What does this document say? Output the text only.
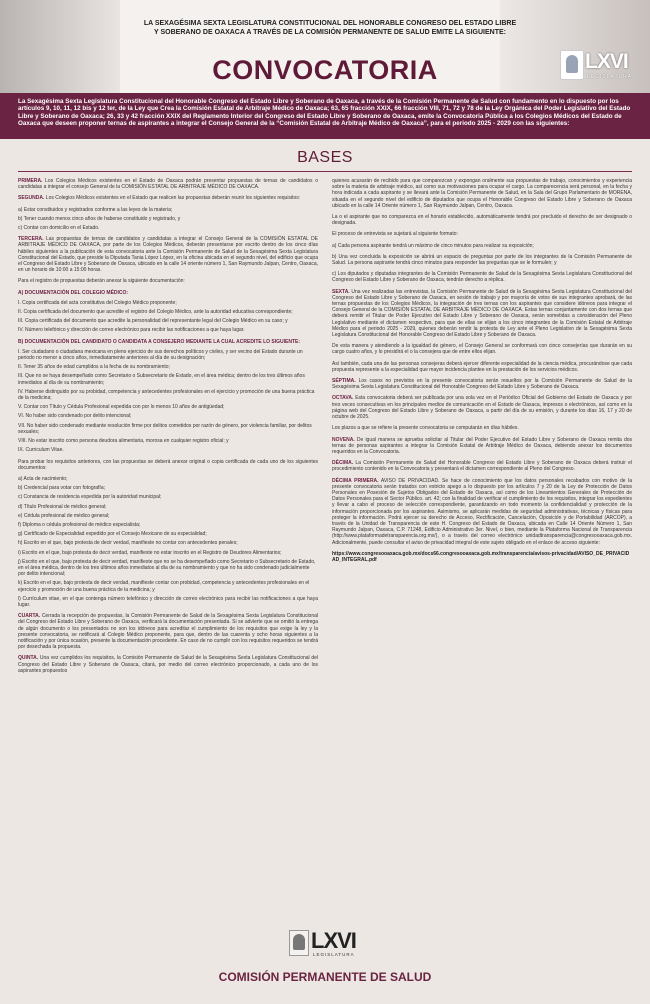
LA SEXAGÉSIMA SEXTA LEGISLATURA CONSTITUCIONAL DEL HONORABLE CONGRESO DEL ESTADO LIBRE
Y SOBERANO DE OAXACA A TRAVÉS DE LA COMISIÓN PERMANENTE DE SALUD EMITE LA SIGUIENTE:
CONVOCATORIA	LXVI
LEGISLATURA
La Sexagésima Sexta Legislatura Constitucional del Honorable Congreso del Estado Libre y Soberano de Oaxaca, a través de la Comisión Permanente de Salud con fundamento en lo dispuesto por los artículos 9, 10, 11, 12 bis y 12 ter, de la Ley que Crea la Comisión Estatal de Arbitraje Médico de Oaxaca; 63, 65 fracción XXIX, 66 fracción VIII, 71, 72 y 78 de la Ley Orgánica del Poder Legislativo del Estado Libre y Soberano de Oaxaca; 26, 33 y 42 fracción XXIX del Reglamento Interior del Congreso del Estado Libre y Soberano de Oaxaca, emite la Convocatoria Pública a los Colegios Médicos del Estado de Oaxaca que deseen proponer ternas de aspirantes a integrar el Consejo General de la “Comisión Estatal de Arbitraje Médico de Oaxaca”, para el periodo 2025 - 2029 con las siguientes:
BASES

PRIMERA. Los Colegios Médicos existentes en el Estado de Oaxaca podrán presentar propuestas de ternas de candidatos o candidatas a integrar el consejo General de la COMISIÓN ESTATAL DE ARBITRAJE MÉDICO DE OAXACA.

SEGUNDA. Los Colegios Médicos existentes en el Estado que realicen las propuestas deberán reunir los siguientes requisitos:

a) Estar constituidos y registrados conforme a las leyes de la materia;
b) Tener cuando menos cinco años de haberse constituido y registrado, y

c) Contar con domicilio en el Estado.

TERCERA. Las propuestas de ternas de candidatos y candidatas a integrar el Consejo General de la COMISIÓN ESTATAL DE ARBITRAJE MÉDICO DE OAXACA, por parte de los Colegios Médicos, deberán presentarse por escrito dentro de los cinco días hábiles siguientes a la publicación de esta convocatoria ante la Comisión Permanente de Salud de la Sexagésima Sexta Legislatura Constitucional del Estado, que preside la Diputada Tania López López, en la oficina ubicada en el segundo nivel, del edificio que ocupa el Congreso del Estado Libre y Soberano de Oaxaca, ubicado en la calle 14 oriente número 1, San Raymundo Jalpan, Centro, Oaxaca, en un horario de 10:00 a 15:00 horas.

Para el registro de propuestas deberán anexar la siguiente documentación:

A) DOCUMENTACIÓN DEL COLEGIO MÉDICO:
I. Copia certificada del acta constitutiva del Colegio Médico proponente;
II. Copia certificada del documento que acredite el registro del Colegio Médico, ante la autoridad educativa correspondiente;
III. Copia certificada del documento que acredite la personalidad del representante legal del Colegio Médico en su caso; y

IV. Número telefónico y dirección de correo electrónico para recibir las notificaciones a que haya lugar.

B) DOCUMENTACIÓN DEL CANDIDATO O CANDIDATA A CONSEJERO MEDIANTE LA CUAL ACREDITE LO SIGUIENTE:
I. Ser ciudadano o ciudadana mexicana en pleno ejercicio de sus derechos políticos y civiles, y ser vecino del Estado durante un periodo no menor a cinco años, inmediatamente anteriores al día de su designación;
II. Tener 35 años de edad cumplidos a la fecha de su nombramiento;
III. Que no se haya desempeñado como Secretario o Subsecretario de Estado, en el área médica; dentro de los tres últimos años inmediatos al día de su nombramiento;
IV. Haberse distinguido por su probidad, competencia y antecedentes profesionales en el ejercicio y promoción de una buena práctica de la medicina;
V. Contar con Título y Cédula Profesional expedida con por lo menos 10 años de antigüedad;
VI. No haber sido condenado por delito intencional;
VII. No haber sido condenado mediante resolución firme por delitos cometidos por razón de género, por violencia familiar, por delitos sexuales;
VIII. No estar inscrito como persona deudora alimentaria, morosa en cualquier registro oficial; y

IX. Curriculum Vitae.

Para probar los requisitos anteriores, con las propuestas se deberá anexar original o copia certificada de cada uno de los siguientes documentos:

a) Acta de nacimiento;
b) Credencial para votar con fotografía;
c) Constancia de residencia expedida por la autoridad municipal;
d) Título Profesional de médico general;
e) Cédula profesional de médico general;
f) Diploma o cédula profesional de médico especialista;
g) Certificado de Especialidad expedido por el Consejo Mexicano de su especialidad;
h) Escrito en el que, bajo protesta de decir verdad, manifieste no contar con antecedentes penales;
i) Escrito en el que, bajo protesta de decir verdad, manifieste no estar inscrito en el Registro de Deudores Alimentarios;
j) Escrito en el que, bajo protesta de decir verdad, manifieste que no se ha desempeñado como Secretario o Subsecretario de Estado, en el área médica, dentro de los tres últimos años inmediatos al día de su nombramiento y que no ha sido condenado judicialmente por delito intencional;
k) Escrito en el que, bajo protesta de decir verdad, manifieste contar con probidad, competencia y antecedentes profesionales en el ejercicio y promoción de una buena práctica de la medicina; y

l) Currículum vitae, en el que contenga número telefónico y dirección de correo electrónico para recibir las notificaciones a que haya lugar.

CUARTA. Cerrada la recepción de propuestas, la Comisión Permanente de Salud de la Sexagésima Sexta Legislatura Constitucional del Congreso del Estado Libre y Soberano de Oaxaca, verificará la documentación presentada. Si se advierte que se omitió la entrega de algún documento o los presentados no son los idóneos para acreditar el cumplimiento de los requisitos que exige la ley y la presente convocatoria, se notificará al Colegio Médico proponente, para que, dentro de las cuarenta y ocho horas siguientes a la notificación y por única ocasión, presente la documentación procedente. En caso de no cumplir con los requisitos requeridos se tendrá por desechada la propuesta.

QUINTA. Una vez cumplidos los requisitos, la Comisión Permanente de Salud de la Sexagésima Sexta Legislatura Constitucional del Congreso del Estado Libre y Soberano de Oaxaca, citará, por medio del correo electrónico proporcionado, a cada uno de los aspirantes propuestos

quienes acusarán de recibido para que comparezcan y expongan oralmente sus propuestas de trabajo, conocimientos y experiencia sobre la materia de arbitraje médico, así como sus motivaciones para ocupar el cargo. La comparecencia será personal, en la fecha y hora indicada a cada aspirante y se llevará ante la Comisión Permanente de Salud, en la Sala del Grupo Parlamentario de MORENA, situada en el segundo nivel del edificio de diputados que ocupa el Honorable Congreso del Estado Libre y Soberano de Oaxaca ubicado en la calle 14 Oriente número 1, San Raymundo Jalpan, Centro, Oaxaca.

La o el aspirante que no comparezca en el horario establecido, automáticamente tendrá por precluido el derecho de ser designado o designada.

El proceso de entrevista se sujetará al siguiente formato:

a) Cada persona aspirante tendrá un máximo de cinco minutos para realizar su exposición;

b) Una vez concluida la exposición se abrirá un espacio de preguntas por parte de los integrantes de la Comisión Permanente de Salud. La persona aspirante tendrá cinco minutos para responder las preguntas que se le formulen; y

c) Los diputados y diputadas integrantes de la Comisión Permanente de Salud de la Sexagésima Sexta Legislatura Constitucional del Congreso del Estado Libre y Soberano de Oaxaca, tendrán derecho a réplica.

SEXTA. Una vez realizadas las entrevistas, la Comisión Permanente de Salud de la Sexagésima Sexta Legislatura Constitucional del Congreso del Estado Libre y Soberano de Oaxaca, en sesión de trabajo y por mayoría de votos de sus integrantes aprobará, de las ternas propuestas de los Colegios Médicos, la integración de tres ternas con los aspirantes que considere idóneos para integrar el Consejo General de la COMISIÓN ESTATAL DE ARBITRAJE MÉDICO DE OAXACA. Estas ternas conjuntamente con dos ternas que deberá remitir el Titular de Poder Ejecutivo del Estado Libre y Soberano de Oaxaca, serán sometidas a consideración del Pleno Legislativo mediante el dictamen respectivo, para que de ellas se elijan a los cinco integrantes de la Comisión Estatal de Arbitraje Médico para el periodo 2025 - 2029, quienes deberán rendir la protesta de Ley ante el Pleno Legislativo de la Sexagésima Sexta Legislatura Constitucional del Honorable Congreso del Estado Libre y Soberano de Oaxaca.

De esta manera y atendiendo a la igualdad de género, el Consejo General se conformará con cinco consejerías que durarán en su cargo cuatro años, y lo presidirá el o la consejera que de entre ellos elijan.

Así también, cada una de las personas consejeras deberá ejercer diferente especialidad de la ciencia médica, procurándose que cada propuesta represente a la especialidad que mayor incidencia plantee en la prestación de los servicios médicos.

SÉPTIMA. Los casos no previstos en la presente convocatoria serán resueltos por la Comisión Permanente de Salud de la Sexagésima Sexta Legislatura Constitucional del Honorable Congreso del Estado Libre y Soberano de Oaxaca.

OCTAVA. Esta convocatoria deberá ser publicada por una sola vez en el Periódico Oficial del Gobierno del Estado de Oaxaca y por tres veces consecutivas en los principales medios de comunicación en el Estado de Oaxaca, impresos o electrónicos, así como en la página web del Congreso del Estado Libre y Soberano de Oaxaca, a partir del día de su emisión, y durante los días 16, 17 y 20 de octubre de 2025.

Los plazos a que se refiere la presente convocatoria se computarán en días hábiles.

NOVENA. De igual manera se aprueba solicitar al Titular del Poder Ejecutivo del Estado Libre y Soberano de Oaxaca remita dos ternas de personas aspirantes a integrar la Comisión Estatal de Arbitraje Médico de Oaxaca, debiendo anexar los documentos requeridos en la Convocatoria.

DÉCIMA. La Comisión Permanente de Salud del Honorable Congreso del Estado Libre y Soberano de Oaxaca deberá instruir el procedimiento contenido en la Convocatoria y presentará el dictamen correspondiente al Pleno del Congreso.

DÉCIMA PRIMERA. AVISO DE PRIVACIDAD. Se hace de conocimiento que los datos personales recabados con motivo de la presente convocatoria serán tratados con estricto apego a lo dispuesto por los artículos 7 y 20 de la Ley de Protección de Datos Personales en Posesión de Sujetos Obligados del Estado de Oaxaca, así como de los Lineamientos Generales de Protección de Datos Personales para el Sector Público. art. 42; con la finalidad de verificar el cumplimiento de los requisitos, integrar los expedientes y llevar a cabo el proceso de selección correspondiente, garantizando en todo momento la confidencialidad y protección de la información proporcionada por los aspirantes. Asimismo, se aplicarán medidas de seguridad administrativas, técnicas y físicas para proteger la información. Podrá ejercer su derecho de Acceso, Rectificación, Cancelación, Oposición y de Portabilidad (ARCOP), a través de la Unidad de Transparencia de este H. Congreso del Estado de Oaxaca, ubicada en Calle 14 Oriente Número 1, San Raymundo Jalpan, Oaxaca, C.P. 71248, Edificio Administrativo 3er. Nivel, o bien, mediante la Plataforma Nacional de Transparencia (http://www.plataformadetransparencia.org.mx/), o a través del correo electrónico unidadtransparencia@congresooaxaca.gob.mx. Adicionalmente, puede consultar el aviso de privacidad integral de este sujeto obligado en el enlace de acceso siguiente:

https://www.congresooaxaca.gob.mx/docs66.congresooaxaca.gob.mx/transparencia/avisos-privacidad/AVISO_DE_PRIVACIDAD_INTEGRAL.pdf

LXVI
LEGISLATURA
COMISIÓN PERMANENTE DE SALUD
